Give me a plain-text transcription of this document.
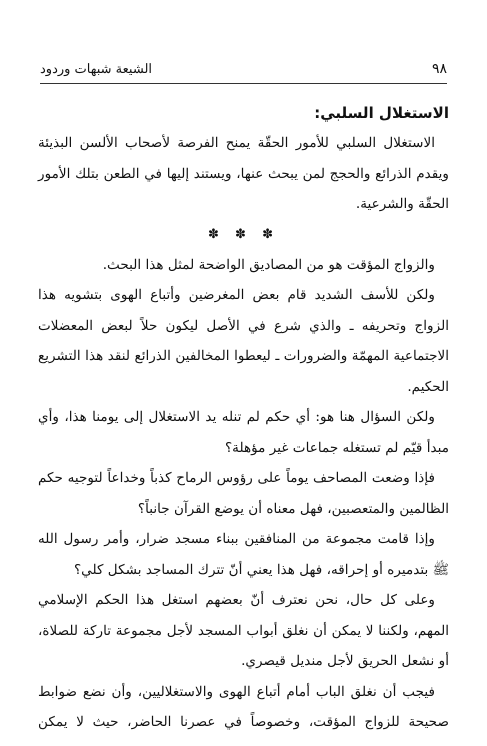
٩٨
الشيعة شبهات وردود

الاستغلال السلبي:

الاستغلال السلبي للأمور الحقّة يمنح الفرصة لأصحاب الألسن البذيئة ويقدم الذرائع والحجج لمن يبحث عنها، ويستند إليها في الطعن بتلك الأمور الحقّة والشرعية.

✽ ✽ ✽

والزواج المؤقت هو من المصاديق الواضحة لمثل هذا البحث.

ولكن للأسف الشديد قام بعض المغرضين وأتباع الهوى بتشويه هذا الزواج وتحريفه ـ والذي شرع في الأصل ليكون حلاً لبعض المعضلات الاجتماعية المهمّة والضرورات ـ ليعطوا المخالفين الذرائع لنقد هذا التشريع الحكيم.

ولكن السؤال هنا هو: أي حكم لم تنله يد الاستغلال إلى يومنا هذا، وأي مبدأ قيّم لم تستغله جماعات غير مؤهلة؟

فإذا وضعت المصاحف يوماً على رؤوس الرماح كذباً وخداعاً لتوجيه حكم الظالمين والمتعصبين، فهل معناه أن يوضع القرآن جانباً؟

وإذا قامت مجموعة من المنافقين ببناء مسجد ضرار، وأمر رسول الله ﷺ بتدميره أو إحراقه، فهل هذا يعني أنّ تترك المساجد بشكل كلي؟

وعلى كل حال، نحن نعترف أنّ بعضهم استغل هذا الحكم الإسلامي المهم، ولكننا لا يمكن أن نغلق أبواب المسجد لأجل مجموعة تاركة للصلاة، أو نشعل الحريق لأجل منديل قيصري.

فيجب أن نغلق الباب أمام أتباع الهوى والاستغلاليين، وأن نضع ضوابط صحيحة للزواج المؤقت، وخصوصاً في عصرنا الحاضر، حيث لا يمكن
